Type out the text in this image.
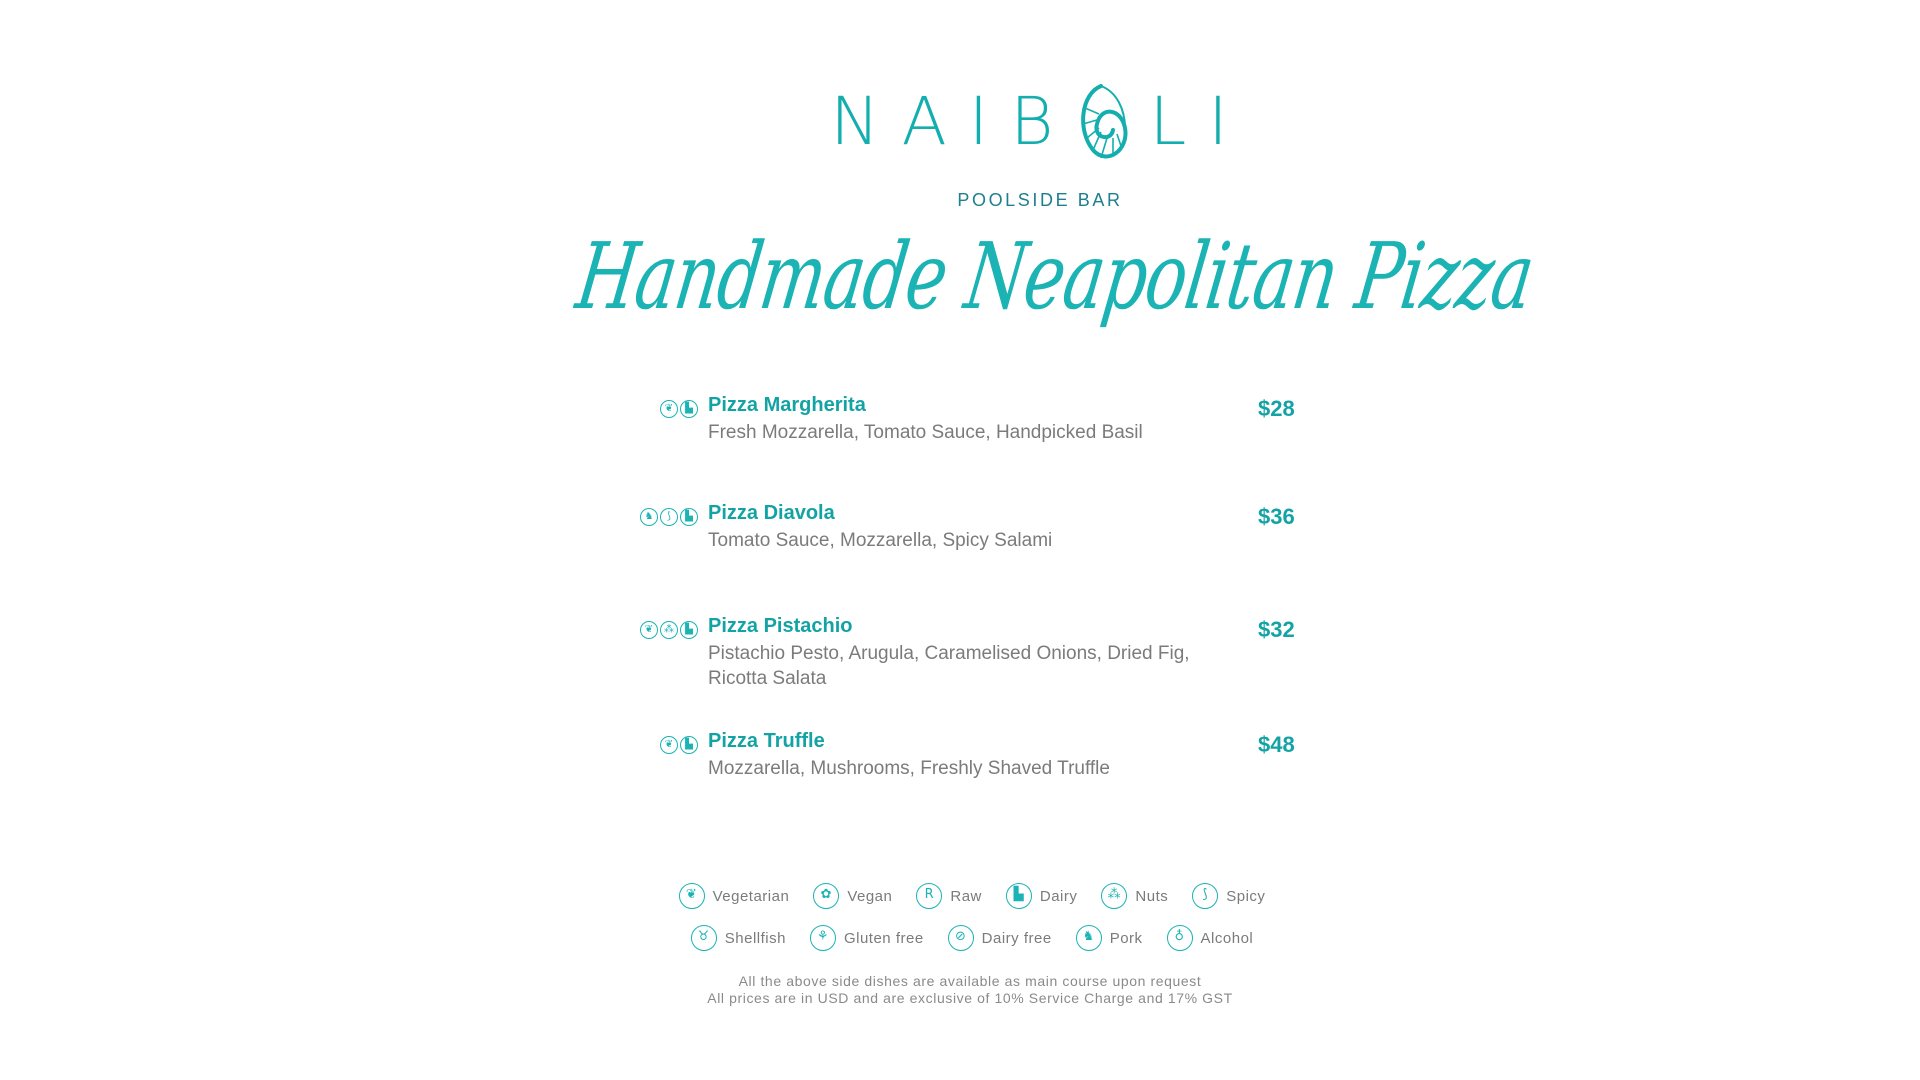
NAIB LI
POOLSIDE BAR
Handmade Neapolitan Pizza
❦	▙ Pizza Margherita
Fresh Mozzarella, Tomato Sauce, Handpicked Basil
$28
♞	⟆	▙ Pizza Diavola
Tomato Sauce, Mozzarella, Spicy Salami
$36
❦	⁂	▙ Pizza Pistachio
Pistachio Pesto, Arugula, Caramelised Onions, Dried Fig, Ricotta Salata
$32
❦	▙ Pizza Truffle
Mozzarella, Mushrooms, Freshly Shaved Truffle
$48
❦	Vegetarian	✿	Vegan	R	Raw	▙	Dairy	⁂ Nuts	⟆	Spicy
♉ Shellfish	⚘ Gluten free	⊘	Dairy free	♞ Pork	♁	Alcohol
All the above side dishes are available as main course upon request
All prices are in USD and are exclusive of 10% Service Charge and 17% GST
